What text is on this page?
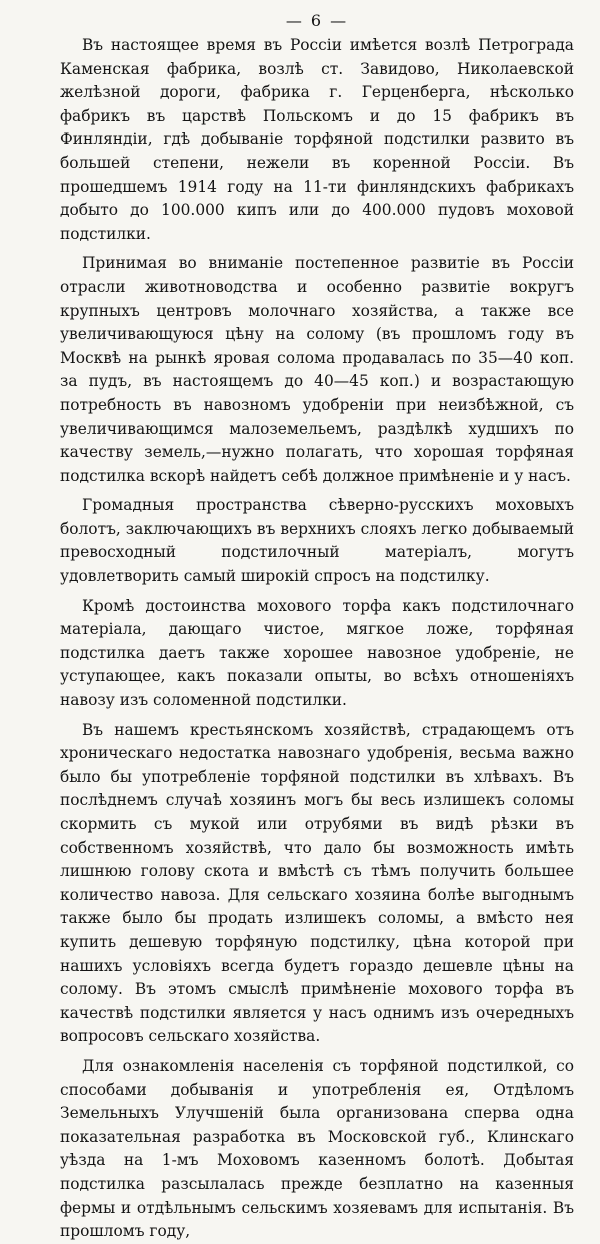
— 6 —

Въ настоящее время въ Россіи имѣется возлѣ Петрограда Каменская фабрика, возлѣ ст. Завидово, Николаевской желѣзной дороги, фабрика г. Герценберга, нѣсколько фабрикъ въ царствѣ Польскомъ и до 15 фабрикъ въ Финляндіи, гдѣ добываніе торфяной подстилки развито въ большей степени, нежели въ коренной Россіи. Въ прошедшемъ 1914 году на 11-ти финляндскихъ фабрикахъ добыто до 100.000 кипъ или до 400.000 пудовъ моховой подстилки.

Принимая во вниманіе постепенное развитіе въ Россіи отрасли животноводства и особенно развитіе вокругъ крупныхъ центровъ молочнаго хозяйства, а также все увеличивающуюся цѣну на солому (въ прошломъ году въ Москвѣ на рынкѣ яровая солома продавалась по 35—40 коп. за пудъ, въ настоящемъ до 40—45 коп.) и возрастающую потребность въ навозномъ удобреніи при неизбѣжной, съ увеличивающимся малоземельемъ, раздѣлкѣ худшихъ по качеству земель,—нужно полагать, что хорошая торфяная подстилка вскорѣ найдетъ себѣ должное примѣненіе и у насъ.

Громадныя пространства сѣверно-русскихъ моховыхъ болотъ, заключающихъ въ верхнихъ слояхъ легко добываемый превосходный подстилочный матеріалъ, могутъ удовлетворить самый широкій спросъ на подстилку.

Кромѣ достоинства мохового торфа какъ подстилочнаго матеріала, дающаго чистое, мягкое ложе, торфяная подстилка даетъ также хорошее навозное удобреніе, не уступающее, какъ показали опыты, во всѣхъ отношеніяхъ навозу изъ соломенной подстилки.

Въ нашемъ крестьянскомъ хозяйствѣ, страдающемъ отъ хроническаго недостатка навознаго удобренія, весьма важно было бы употребленіе торфяной подстилки въ хлѣвахъ. Въ послѣднемъ случаѣ хозяинъ могъ бы весь излишекъ соломы скормить съ мукой или отрубями въ видѣ рѣзки въ собственномъ хозяйствѣ, что дало бы возможность имѣть лишнюю голову скота и вмѣстѣ съ тѣмъ получить большее количество навоза. Для сельскаго хозяина болѣе выгоднымъ также было бы продать излишекъ соломы, а вмѣсто нея купить дешевую торфяную подстилку, цѣна которой при нашихъ условіяхъ всегда будетъ гораздо дешевле цѣны на солому. Въ этомъ смыслѣ примѣненіе мохового торфа въ качествѣ подстилки является у насъ однимъ изъ очередныхъ вопросовъ сельскаго хозяйства.

Для ознакомленія населенія съ торфяной подстилкой, со способами добыванія и употребленія ея, Отдѣломъ Земельныхъ Улучшеній была организована сперва одна показательная разработка въ Московской губ., Клинскаго уѣзда на 1-мъ Моховомъ казенномъ болотѣ. Добытая подстилка разсылалась прежде безплатно на казенныя фермы и отдѣльнымъ сельскимъ хозяевамъ для испытанія. Въ прошломъ году,
